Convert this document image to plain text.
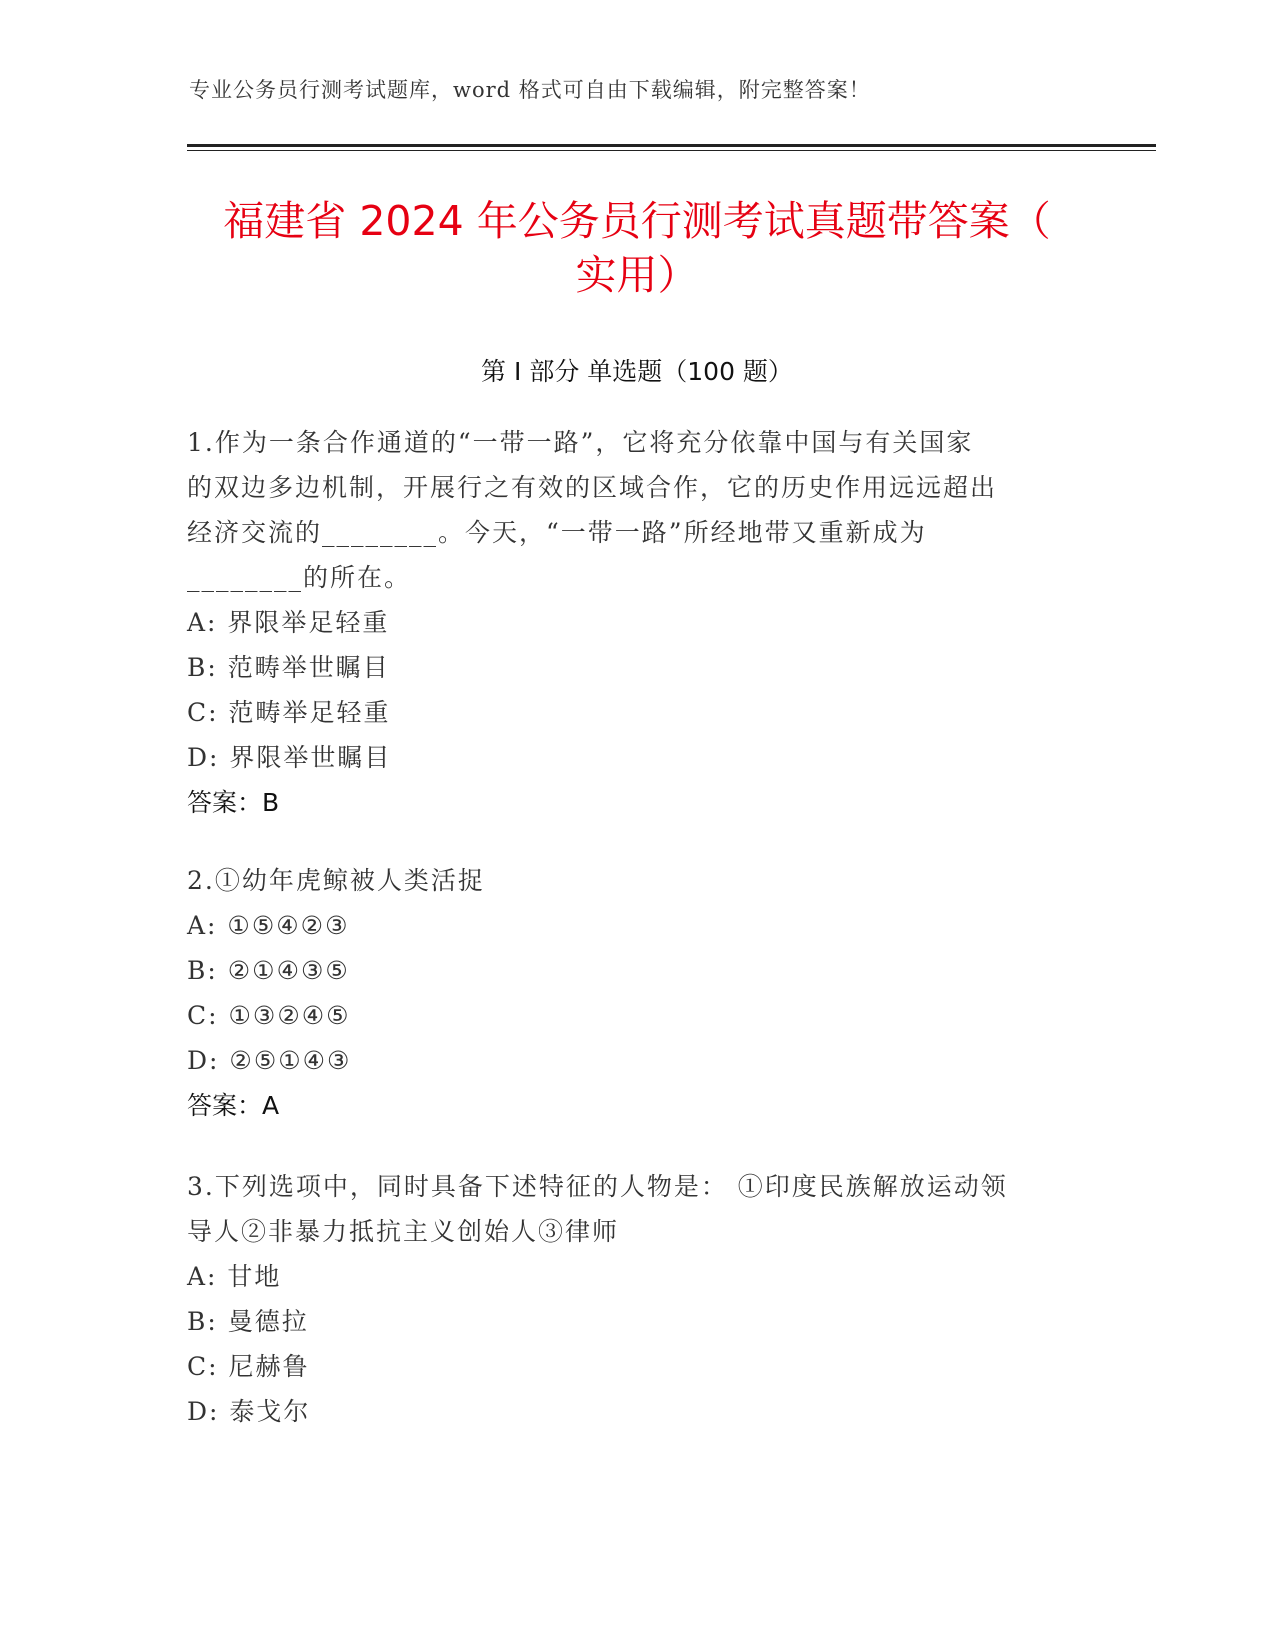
专业公务员行测考试题库，word 格式可自由下载编辑，附完整答案！
福建省 2024 年公务员行测考试真题带答案（
实用）
第 I 部分 单选题（100 题）
1.作为一条合作通道的“一带一路”，它将充分依靠中国与有关国家
的双边多边机制，开展行之有效的区域合作，它的历史作用远远超出
经济交流的________。今天，“一带一路”所经地带又重新成为
________的所在。
A: 界限举足轻重
B: 范畴举世瞩目
C: 范畴举足轻重
D: 界限举世瞩目
答案：B
2.①幼年虎鲸被人类活捉
A: ①⑤④②③
B: ②①④③⑤
C: ①③②④⑤
D: ②⑤①④③
答案：A
3.下列选项中，同时具备下述特征的人物是： ①印度民族解放运动领
导人②非暴力抵抗主义创始人③律师
A: 甘地
B: 曼德拉
C: 尼赫鲁
D: 泰戈尔
